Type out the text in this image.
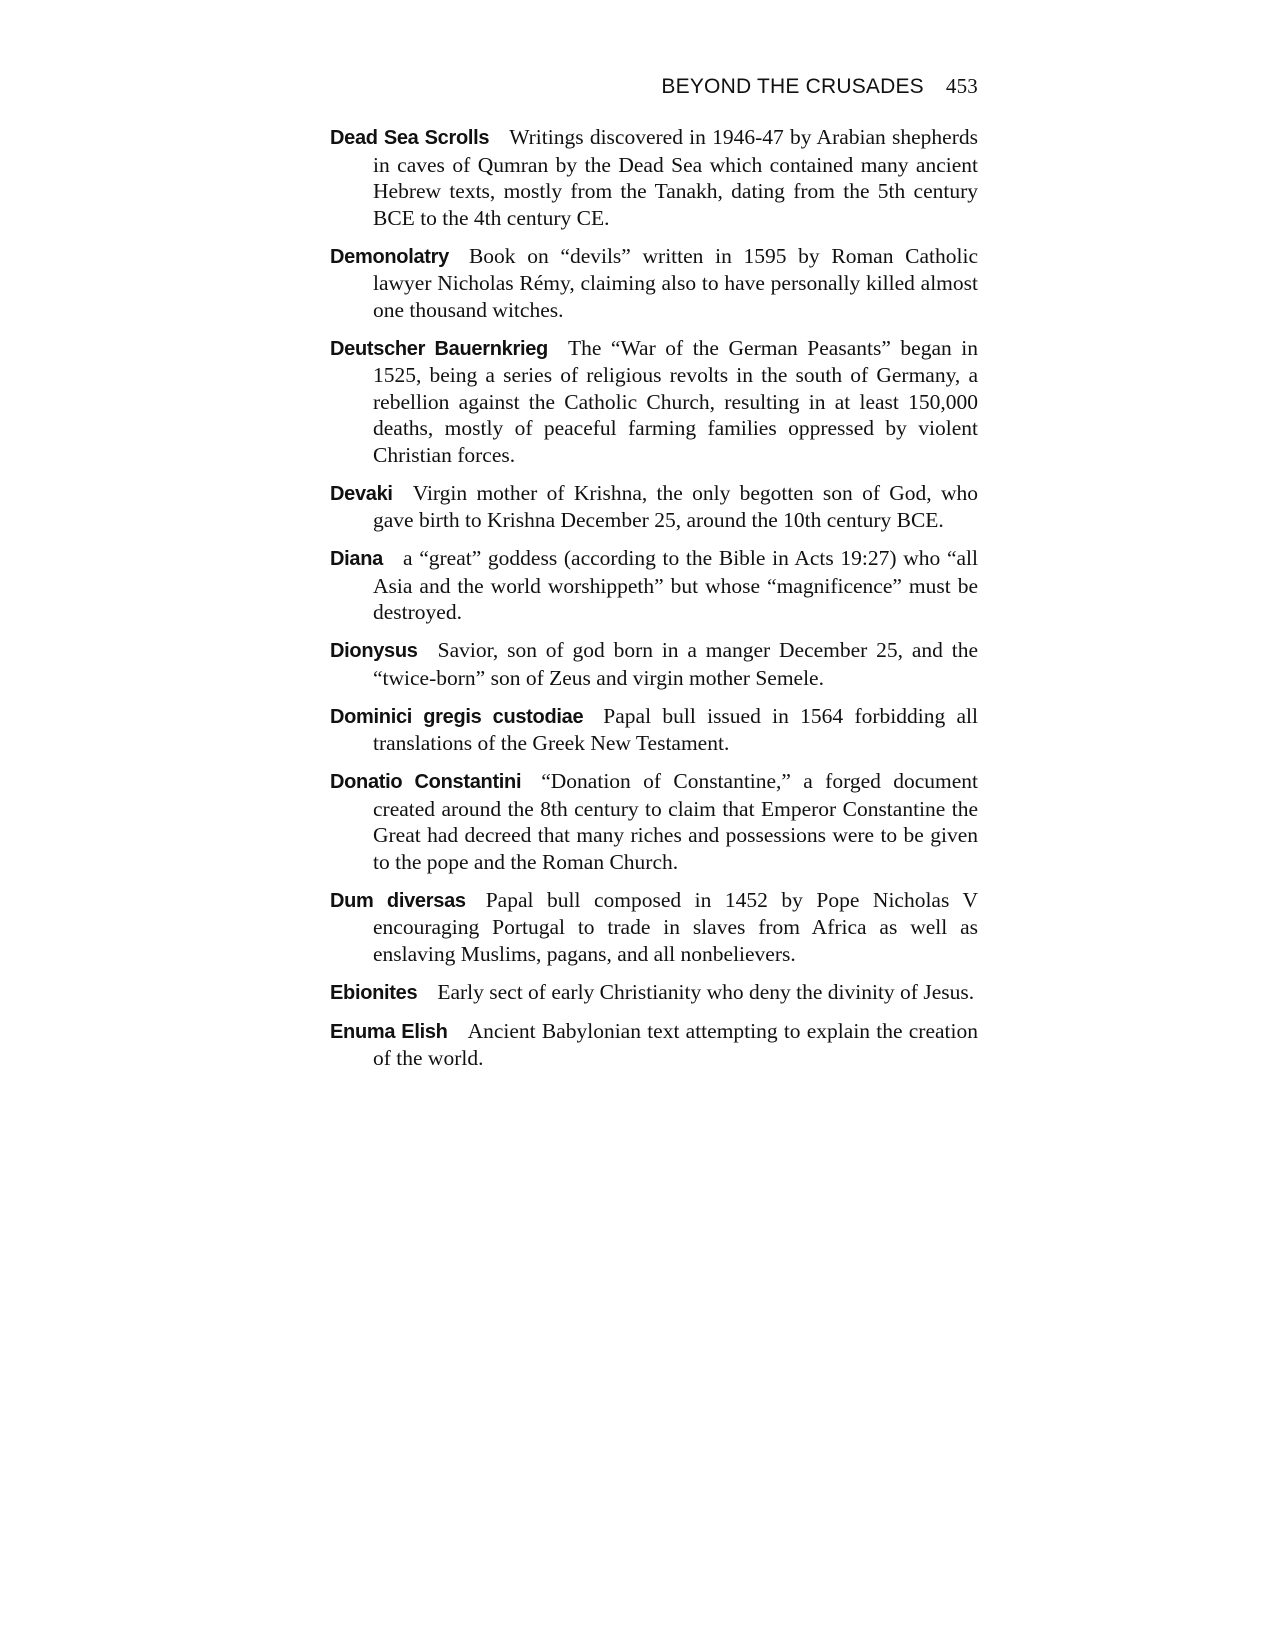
BEYOND THE CRUSADES 453

Dead Sea Scrolls Writings discovered in 1946-47 by Arabian shepherds in caves of Qumran by the Dead Sea which contained many ancient Hebrew texts, mostly from the Tanakh, dating from the 5th century BCE to the 4th century CE.

Demonolatry Book on “devils” written in 1595 by Roman Catholic lawyer Nicholas Rémy, claiming also to have personally killed almost one thousand witches.

Deutscher Bauernkrieg The “War of the German Peasants” began in 1525, being a series of religious revolts in the south of Germany, a rebellion against the Catholic Church, resulting in at least 150,000 deaths, mostly of peaceful farming families oppressed by violent Christian forces.

Devaki Virgin mother of Krishna, the only begotten son of God, who gave birth to Krishna December 25, around the 10th century BCE.

Diana a “great” goddess (according to the Bible in Acts 19:27) who “all Asia and the world worshippeth” but whose “magnificence” must be destroyed.

Dionysus Savior, son of god born in a manger December 25, and the “twice-born” son of Zeus and virgin mother Semele.

Dominici gregis custodiae Papal bull issued in 1564 forbidding all translations of the Greek New Testament.

Donatio Constantini “Donation of Constantine,” a forged document created around the 8th century to claim that Emperor Constantine the Great had decreed that many riches and possessions were to be given to the pope and the Roman Church.

Dum diversas Papal bull composed in 1452 by Pope Nicholas V encouraging Portugal to trade in slaves from Africa as well as enslaving Muslims, pagans, and all nonbelievers.

Ebionites Early sect of early Christianity who deny the divinity of Jesus.

Enuma Elish Ancient Babylonian text attempting to explain the creation of the world.
